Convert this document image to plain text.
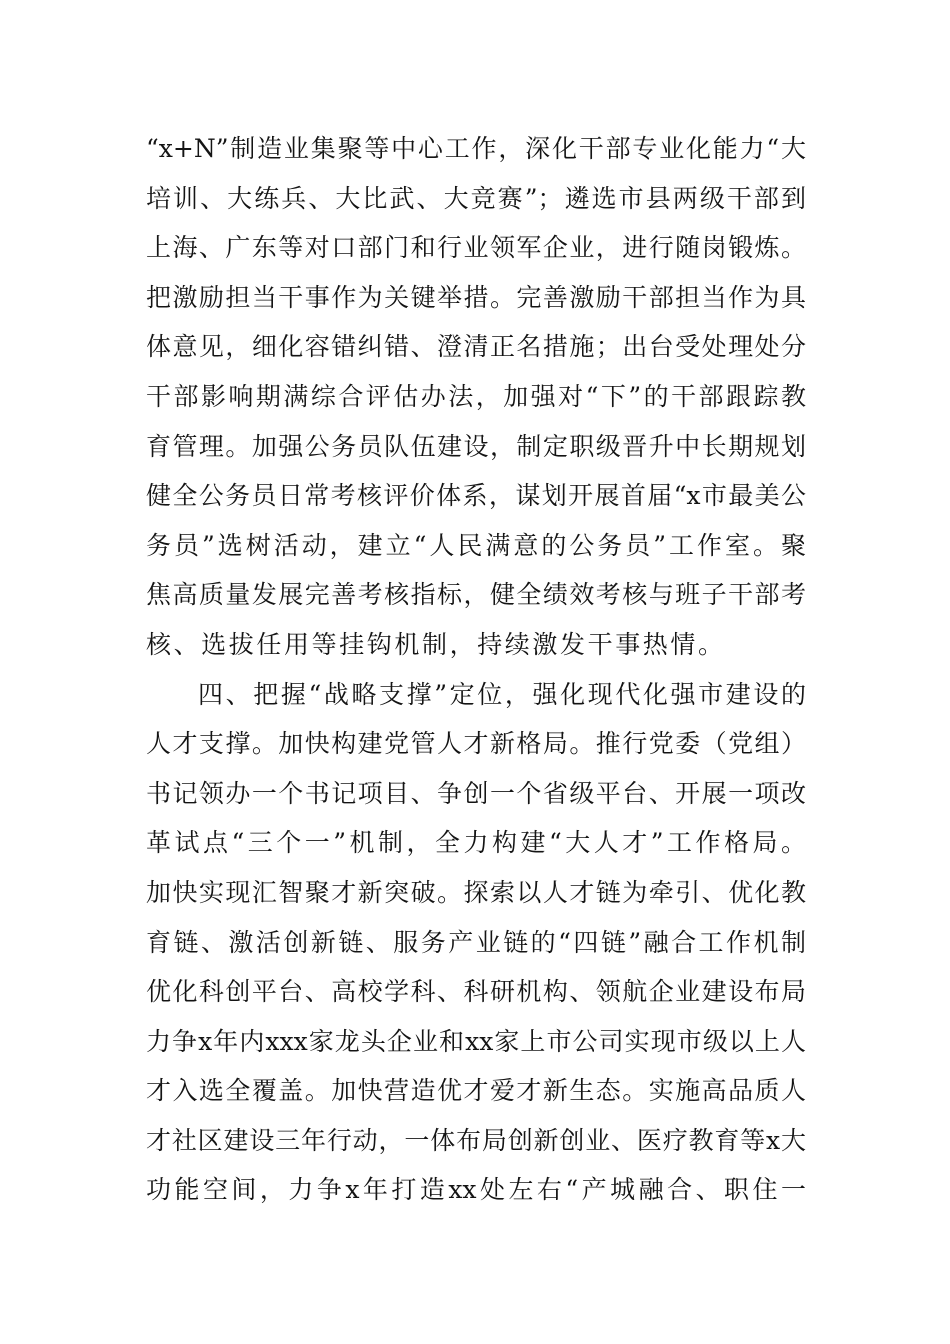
“x+N”制造业集聚等中心工作，深化干部专业化能力“大
培训、大练兵、大比武、大竞赛”；遴选市县两级干部到
上海、广东等对口部门和行业领军企业，进行随岗锻炼。
把激励担当干事作为关键举措。完善激励干部担当作为具
体意见，细化容错纠错、澄清正名措施；出台受处理处分
干部影响期满综合评估办法，加强对“下”的干部跟踪教
育管理。加强公务员队伍建设，制定职级晋升中长期规划
健全公务员日常考核评价体系，谋划开展首届“x市最美公
务员”选树活动，建立“人民满意的公务员”工作室。聚
焦高质量发展完善考核指标，健全绩效考核与班子干部考
核、选拔任用等挂钩机制，持续激发干事热情。
四、把握“战略支撑”定位，强化现代化强市建设的
人才支撑。加快构建党管人才新格局。推行党委（党组）
书记领办一个书记项目、争创一个省级平台、开展一项改
革试点“三个一”机制，全力构建“大人才”工作格局。
加快实现汇智聚才新突破。探索以人才链为牵引、优化教
育链、激活创新链、服务产业链的“四链”融合工作机制
优化科创平台、高校学科、科研机构、领航企业建设布局
力争x年内xxx家龙头企业和xx家上市公司实现市级以上人
才入选全覆盖。加快营造优才爱才新生态。实施高品质人
才社区建设三年行动，一体布局创新创业、医疗教育等x大
功能空间，力争x年打造xx处左右“产城融合、职住一
